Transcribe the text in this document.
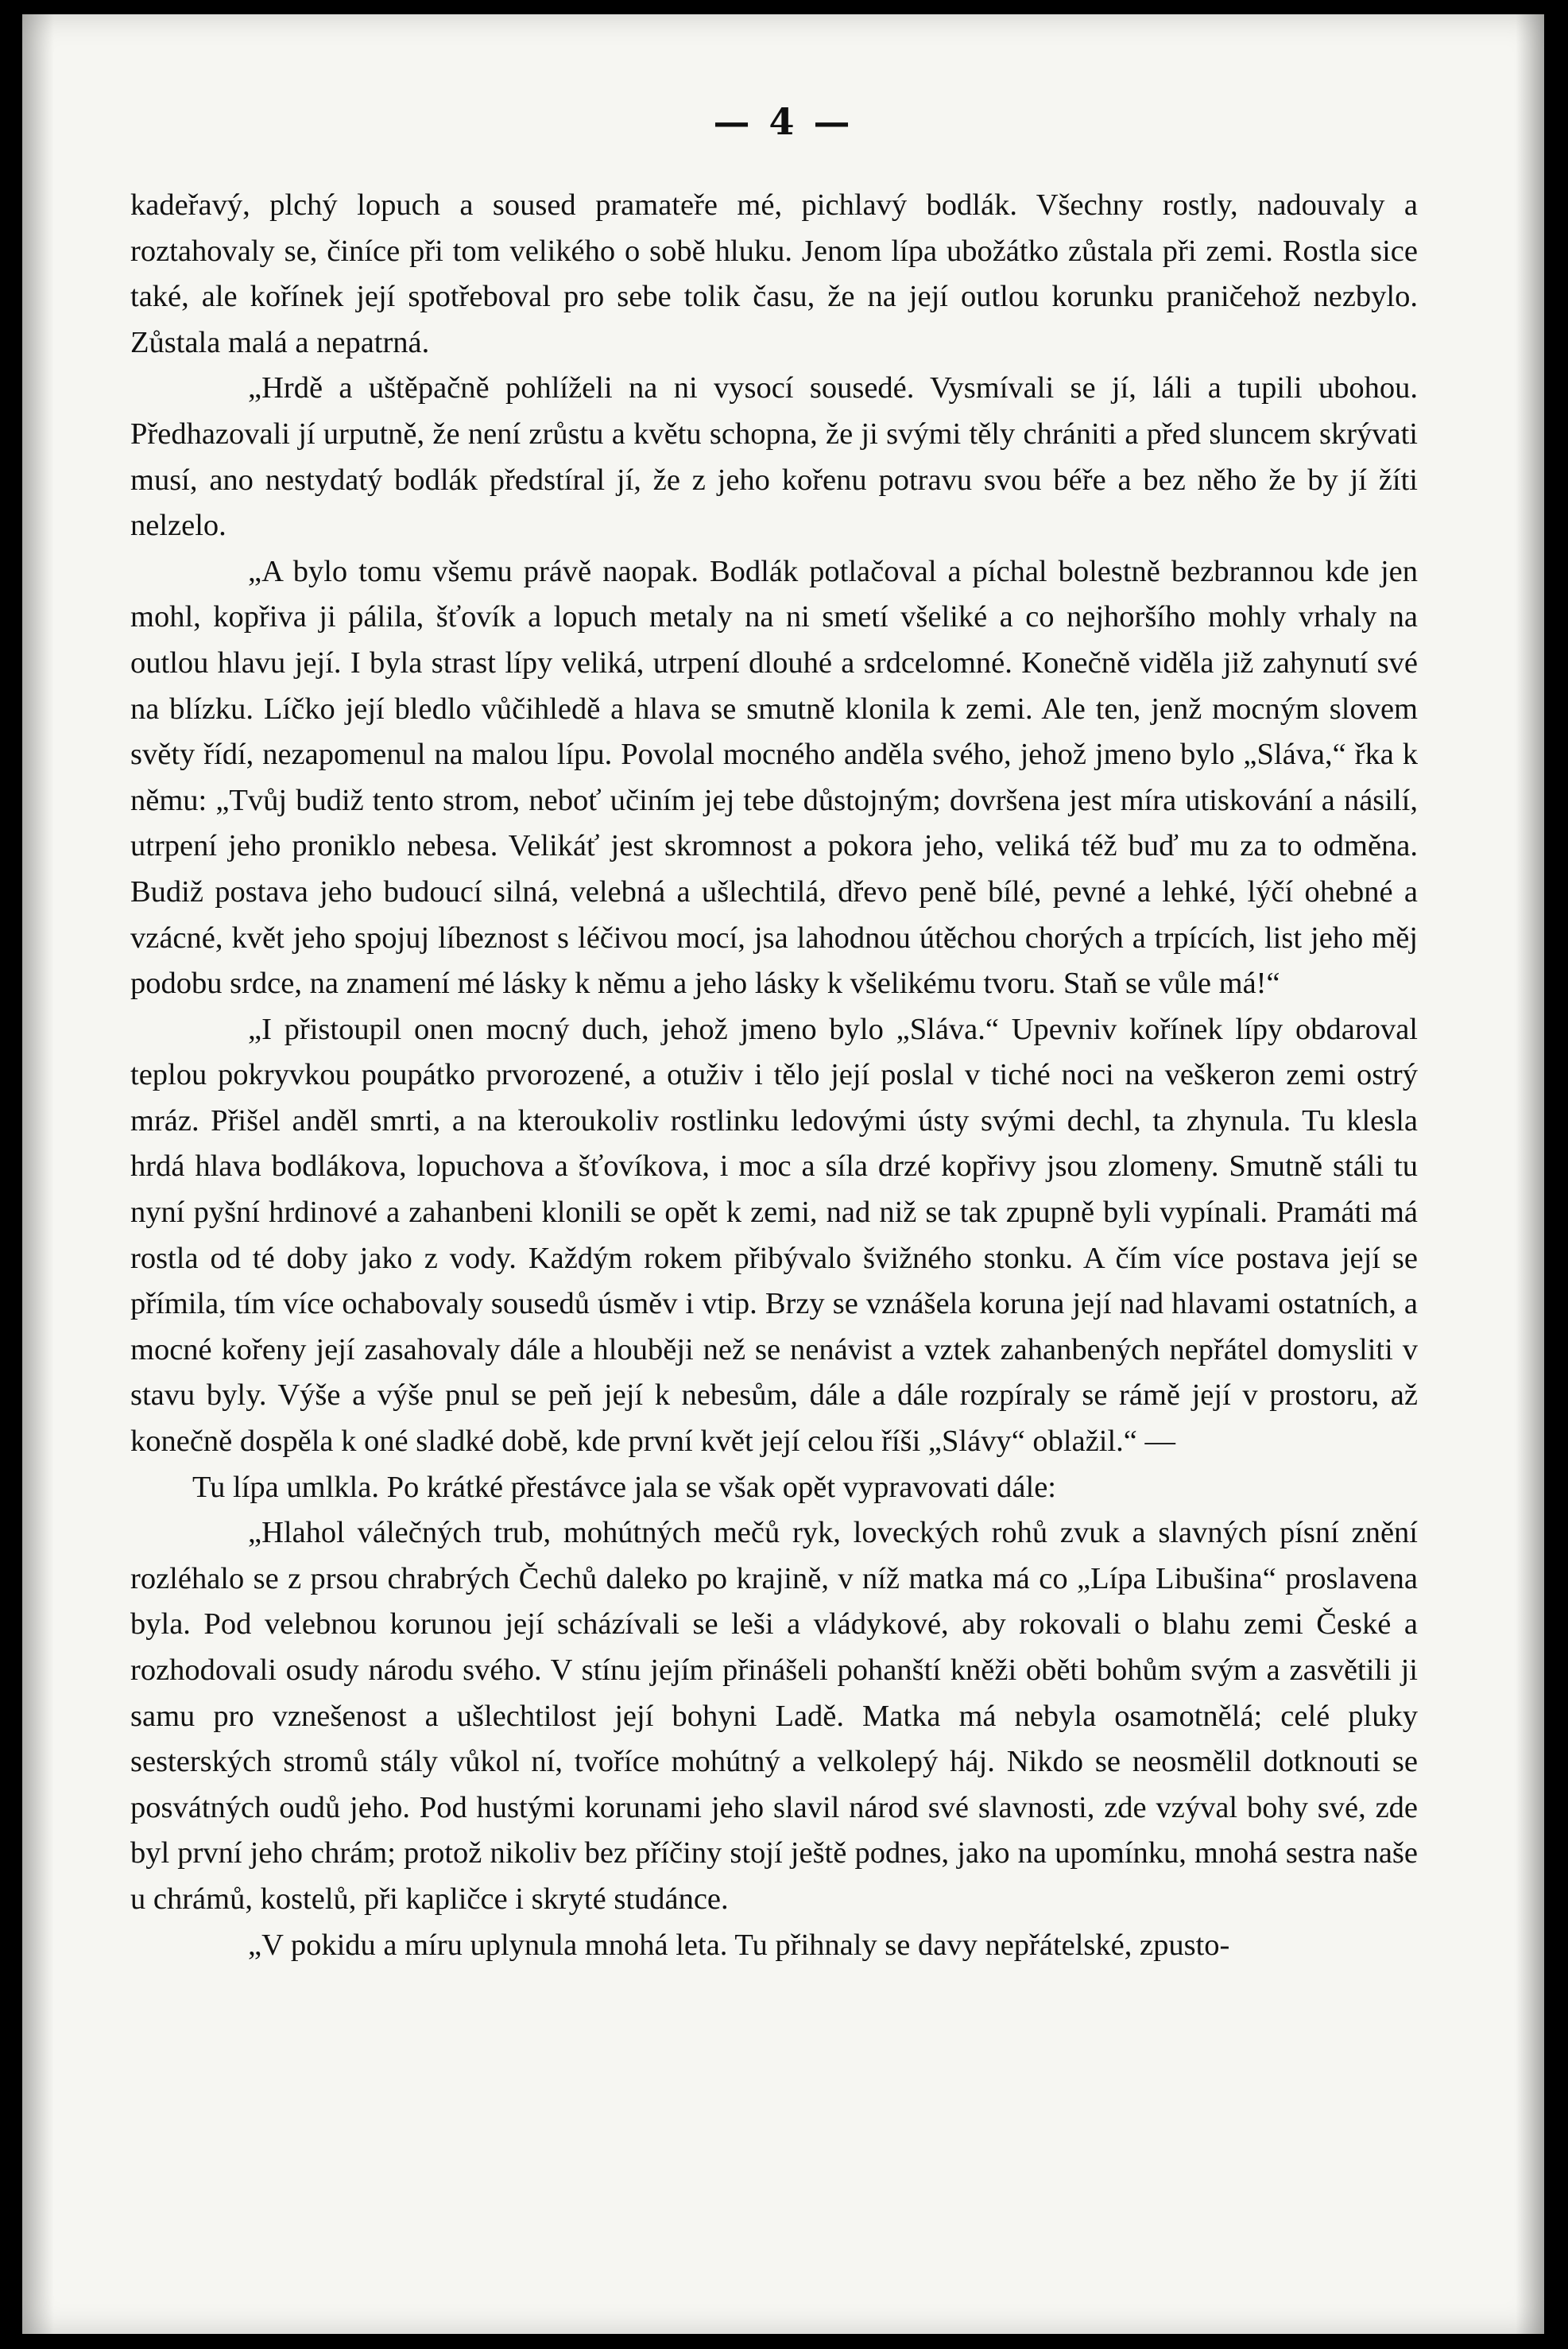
— 4 —

kadeřavý, plchý lopuch a soused pramateře mé, pichlavý bodlák. Všechny rostly, nadouvaly a roztahovaly se, činíce při tom velikého o sobě hluku. Jenom lípa ubožátko zůstala při zemi. Rostla sice také, ale kořínek její spotřeboval pro sebe tolik času, že na její outlou korunku praničehož nezbylo. Zůstala malá a nepatrná.

„Hrdě a uštěpačně pohlíželi na ni vysocí sousedé. Vysmívali se jí, láli a tupili ubohou. Předhazovali jí urputně, že není zrůstu a květu schopna, že ji svými těly chrániti a před sluncem skrývati musí, ano nestydatý bodlák předstíral jí, že z jeho kořenu potravu svou béře a bez něho že by jí žíti nelzelo.

„A bylo tomu všemu právě naopak. Bodlák potlačoval a píchal bolestně bezbrannou kde jen mohl, kopřiva ji pálila, šťovík a lopuch metaly na ni smetí všeliké a co nejhoršího mohly vrhaly na outlou hlavu její. I byla strast lípy veliká, utrpení dlouhé a srdcelomné. Konečně viděla již zahynutí své na blízku. Líčko její bledlo vůčihledě a hlava se smutně klonila k zemi. Ale ten, jenž mocným slovem světy řídí, nezapomenul na malou lípu. Povolal mocného anděla svého, jehož jmeno bylo „Sláva,“ řka k němu: „Tvůj budiž tento strom, neboť učiním jej tebe důstojným; dovršena jest míra utiskování a násilí, utrpení jeho proniklo nebesa. Velikáť jest skromnost a pokora jeho, veliká též buď mu za to odměna. Budiž postava jeho budoucí silná, velebná a ušlechtilá, dřevo peně bílé, pevné a lehké, lýčí ohebné a vzácné, květ jeho spojuj líbeznost s léčivou mocí, jsa lahodnou útěchou chorých a trpících, list jeho měj podobu srdce, na znamení mé lásky k němu a jeho lásky k všelikému tvoru. Staň se vůle má!“

„I přistoupil onen mocný duch, jehož jmeno bylo „Sláva.“ Upevniv kořínek lípy obdaroval teplou pokryvkou poupátko prvorozené, a otuživ i tělo její poslal v tiché noci na veškeron zemi ostrý mráz. Přišel anděl smrti, a na kteroukoliv rostlinku ledovými ústy svými dechl, ta zhynula. Tu klesla hrdá hlava bodlákova, lopuchova a šťovíkova, i moc a síla drzé kopřivy jsou zlomeny. Smutně stáli tu nyní pyšní hrdinové a zahanbeni klonili se opět k zemi, nad niž se tak zpupně byli vypínali. Pramáti má rostla od té doby jako z vody. Každým rokem přibývalo švižného stonku. A čím více postava její se přímila, tím více ochabovaly sousedů úsměv i vtip. Brzy se vznášela koruna její nad hlavami ostatních, a mocné kořeny její zasahovaly dále a hlouběji než se nenávist a vztek zahanbených nepřátel domysliti v stavu byly. Výše a výše pnul se peň její k nebesům, dále a dále rozpíraly se rámě její v prostoru, až konečně dospěla k oné sladké době, kde první květ její celou říši „Slávy“ oblažil.“ —

Tu lípa umlkla. Po krátké přestávce jala se však opět vypravovati dále:

„Hlahol válečných trub, mohútných mečů ryk, loveckých rohů zvuk a slavných písní znění rozléhalo se z prsou chrabrých Čechů daleko po krajině, v níž matka má co „Lípa Libušina“ proslavena byla. Pod velebnou korunou její scházívali se leši a vládykové, aby rokovali o blahu zemi České a rozhodovali osudy národu svého. V stínu jejím přinášeli pohanští kněži oběti bohům svým a zasvětili ji samu pro vznešenost a ušlechtilost její bohyni Ladě. Matka má nebyla osamotnělá; celé pluky sesterských stromů stály vůkol ní, tvoříce mohútný a velkolepý háj. Nikdo se neosmělil dotknouti se posvátných oudů jeho. Pod hustými korunami jeho slavil národ své slavnosti, zde vzýval bohy své, zde byl první jeho chrám; protož nikoliv bez příčiny stojí ještě podnes, jako na upomínku, mnohá sestra naše u chrámů, kostelů, při kapličce i skryté studánce.

„V pokidu a míru uplynula mnohá leta. Tu přihnaly se davy nepřátelské, zpusto-
